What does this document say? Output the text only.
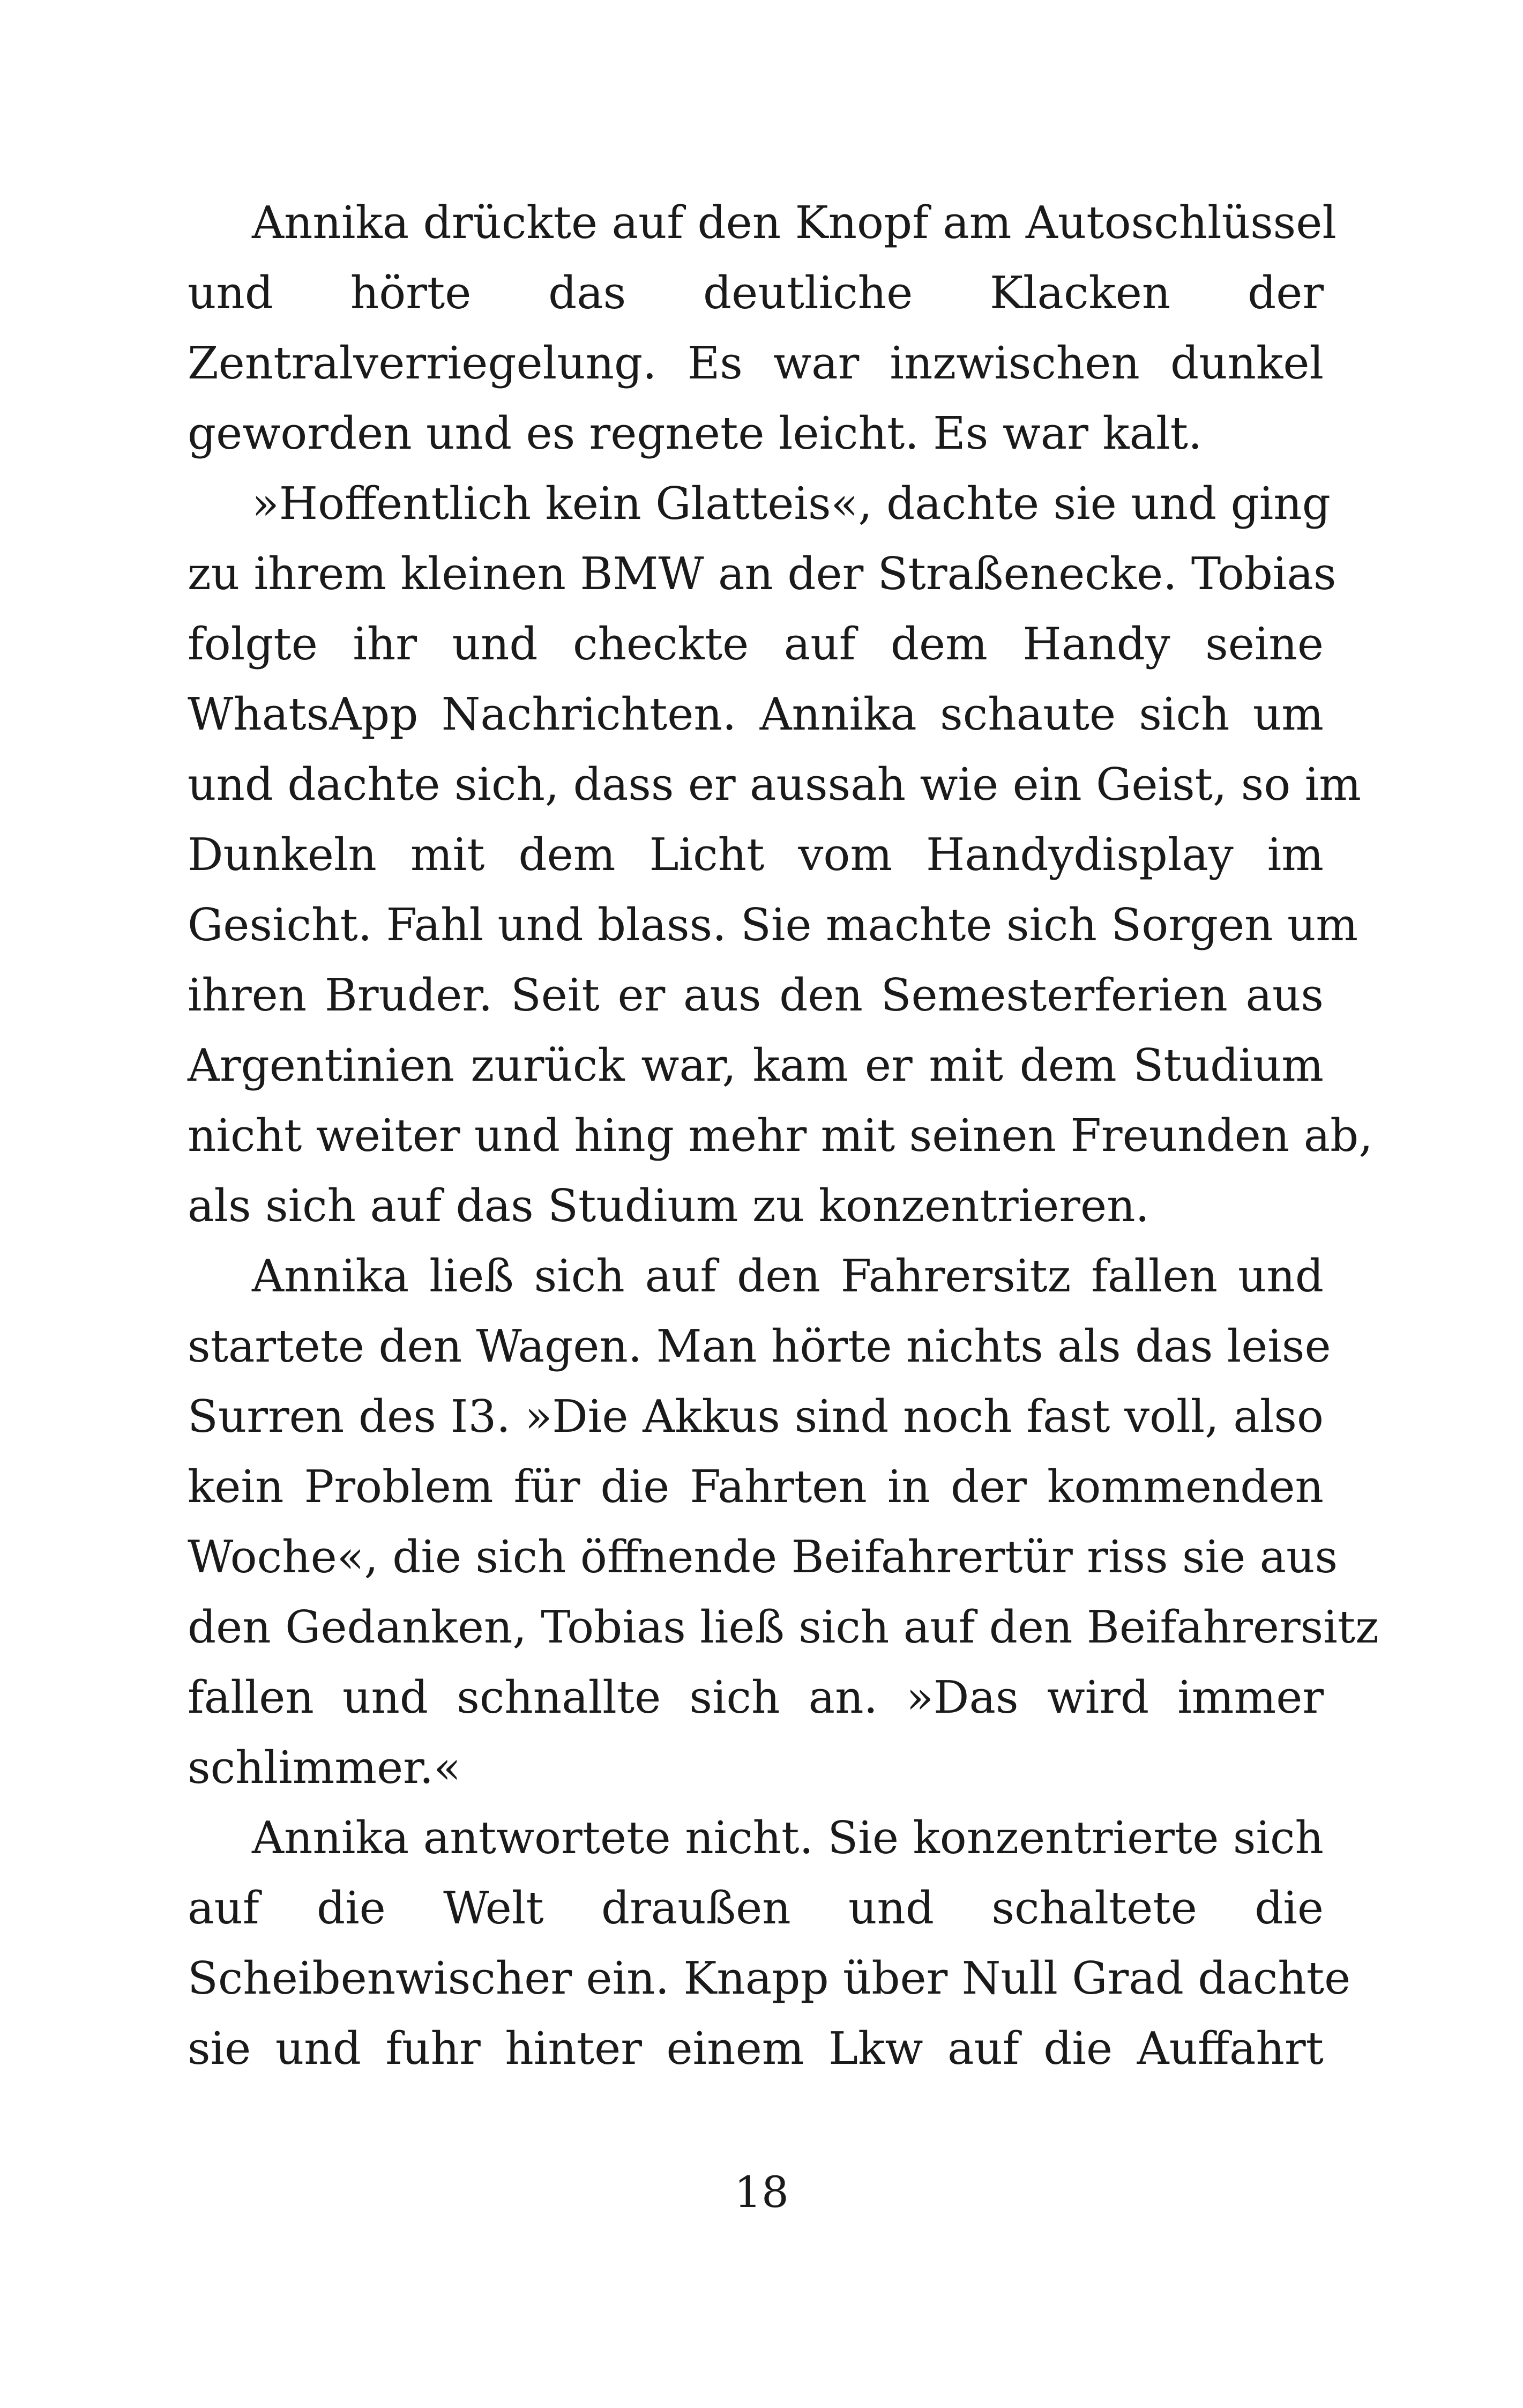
Annika drückte auf den Knopf am Autoschlüssel
und hörte das deutliche Klacken der
Zentralverriegelung. Es war inzwischen dunkel
geworden und es regnete leicht. Es war kalt.
»Hoffentlich kein Glatteis«, dachte sie und ging
zu ihrem kleinen BMW an der Straßenecke. Tobias
folgte ihr und checkte auf dem Handy seine
WhatsApp Nachrichten. Annika schaute sich um
und dachte sich, dass er aussah wie ein Geist, so im
Dunkeln mit dem Licht vom Handydisplay im
Gesicht. Fahl und blass. Sie machte sich Sorgen um
ihren Bruder. Seit er aus den Semesterferien aus
Argentinien zurück war, kam er mit dem Studium
nicht weiter und hing mehr mit seinen Freunden ab,
als sich auf das Studium zu konzentrieren.
Annika ließ sich auf den Fahrersitz fallen und
startete den Wagen. Man hörte nichts als das leise
Surren des I3. »Die Akkus sind noch fast voll, also
kein Problem für die Fahrten in der kommenden
Woche«, die sich öffnende Beifahrertür riss sie aus
den Gedanken, Tobias ließ sich auf den Beifahrersitz
fallen und schnallte sich an. »Das wird immer
schlimmer.«
Annika antwortete nicht. Sie konzentrierte sich
auf die Welt draußen und schaltete die
Scheibenwischer ein. Knapp über Null Grad dachte
sie und fuhr hinter einem Lkw auf die Auffahrt
18
